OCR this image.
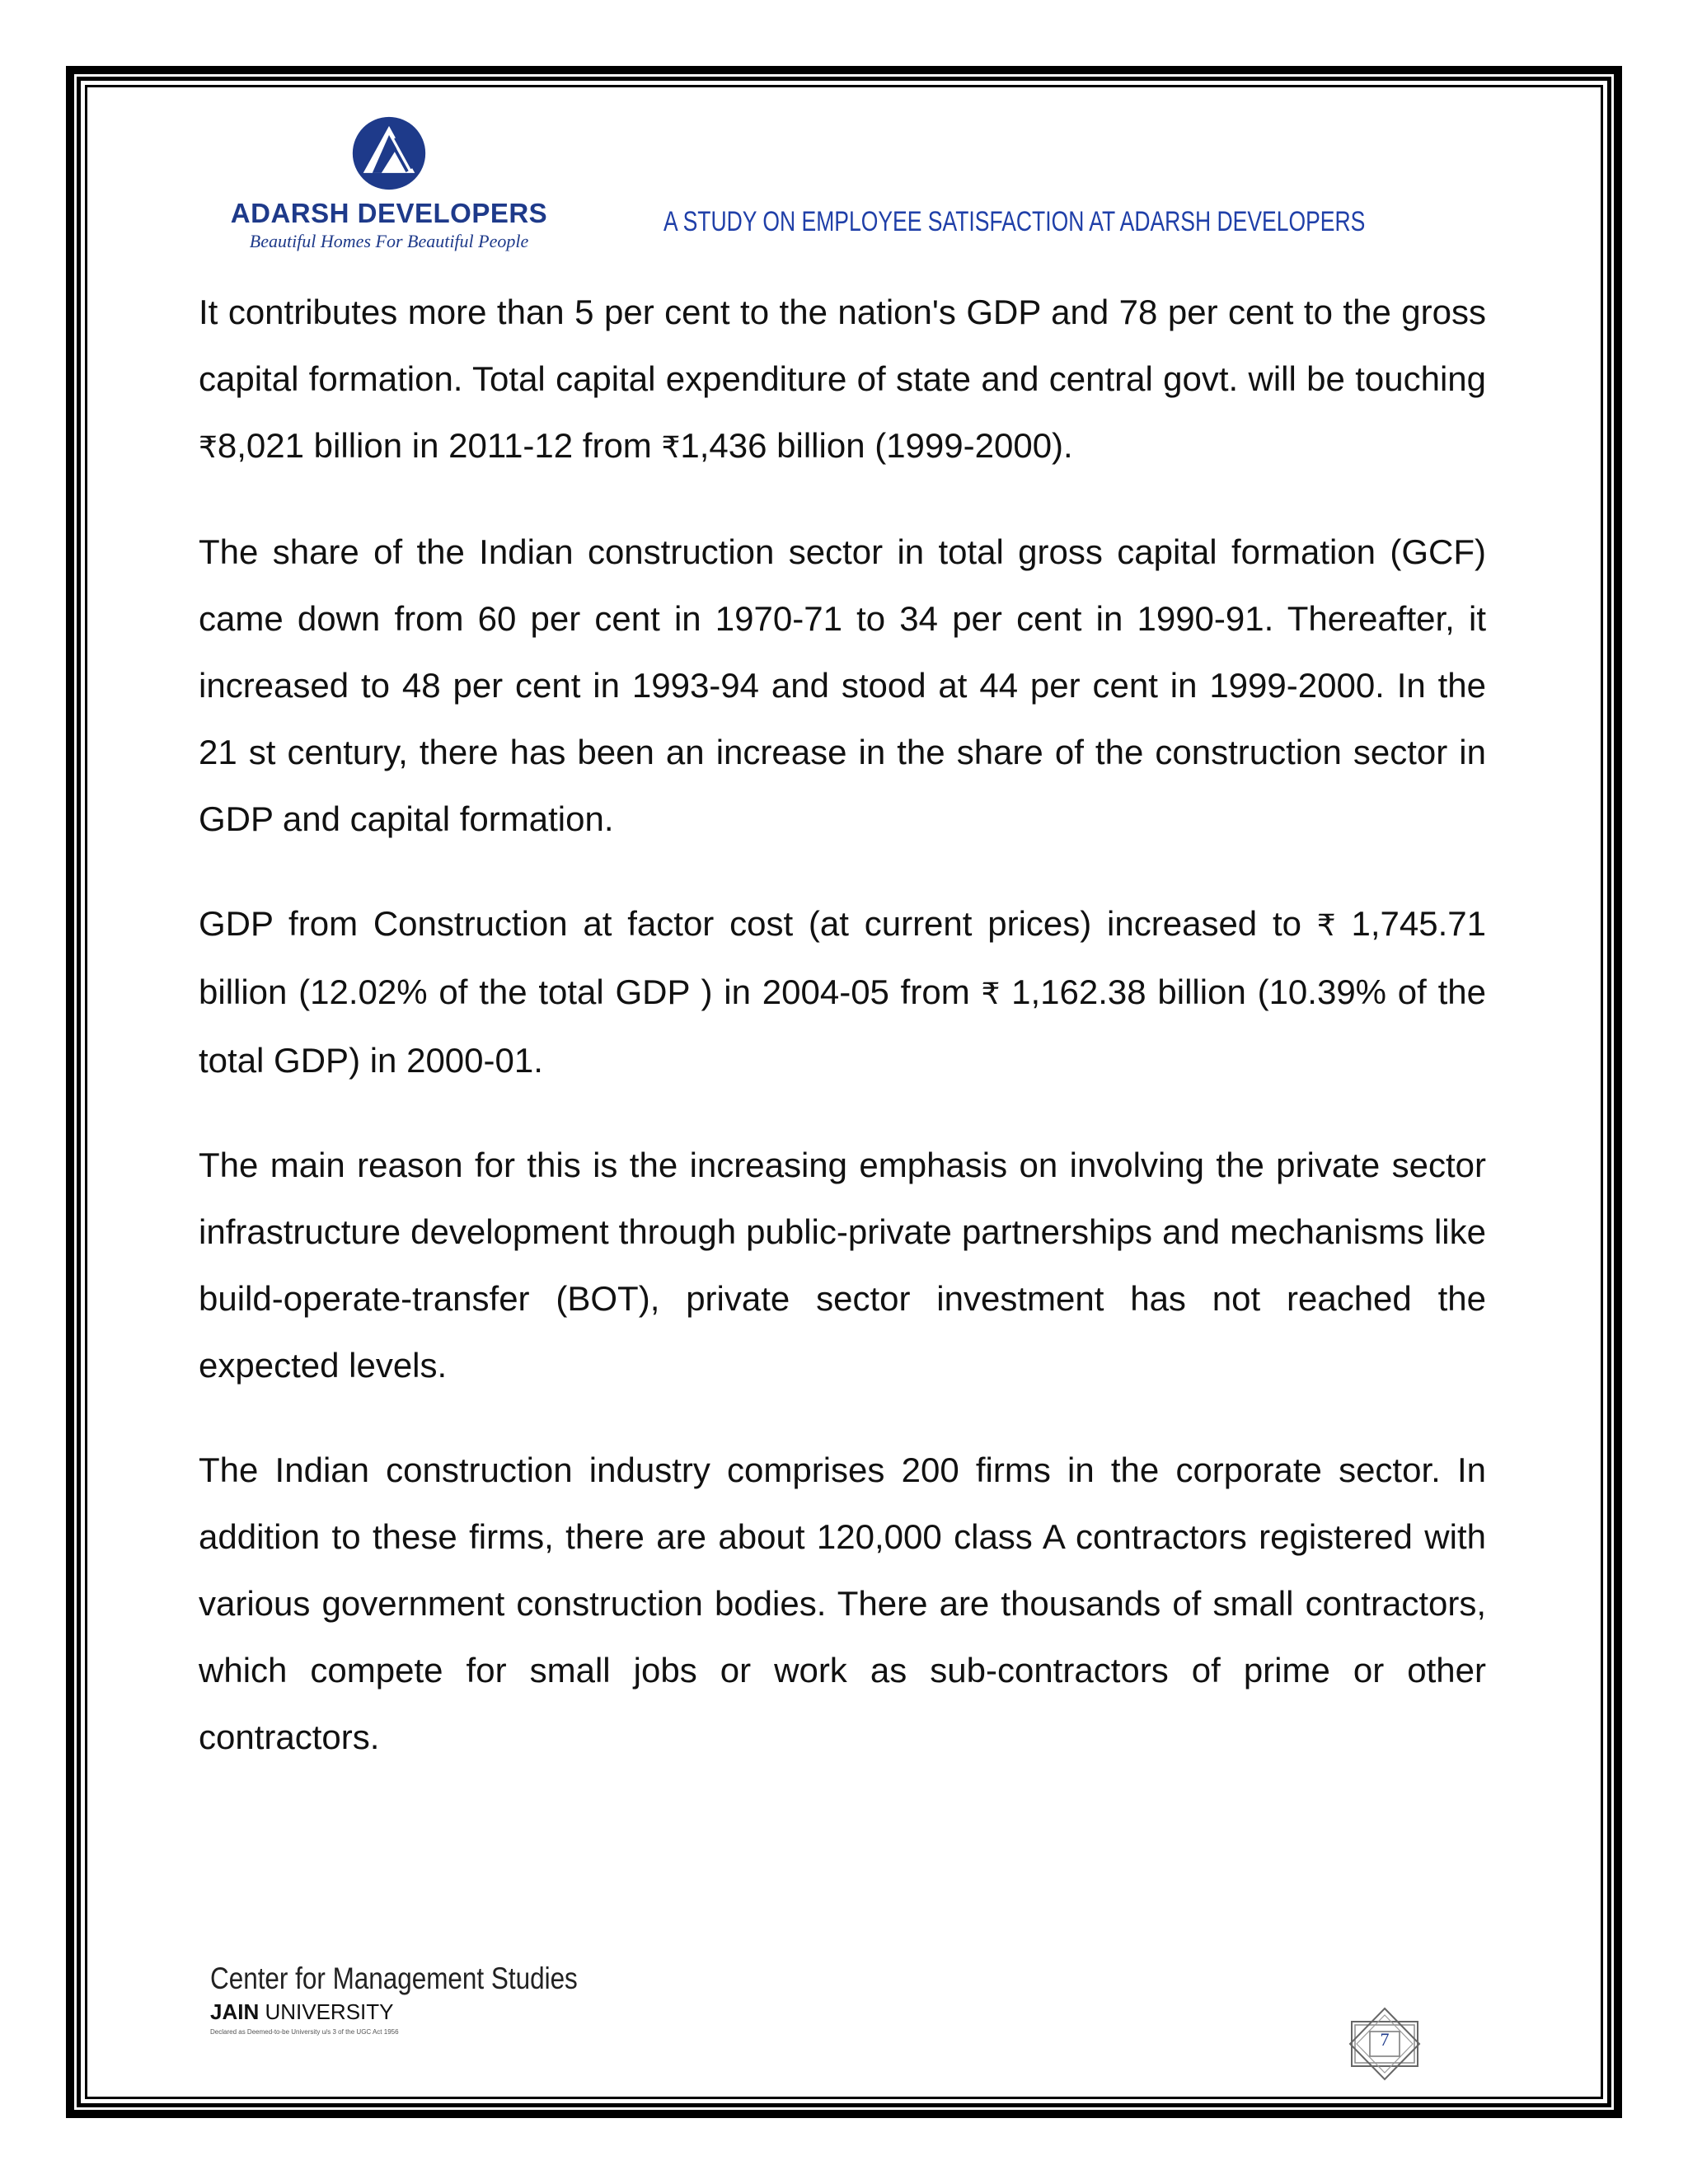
ADARSH DEVELOPERS
Beautiful Homes For Beautiful People
A STUDY ON EMPLOYEE SATISFACTION AT ADARSH DEVELOPERS

It contributes more than 5 per cent to the nation's GDP and 78 per cent to the gross capital formation. Total capital expenditure of state and central govt. will be touching ₹8,021 billion in 2011-12 from ₹1,436 billion (1999-2000).

The share of the Indian construction sector in total gross capital formation (GCF) came down from 60 per cent in 1970-71 to 34 per cent in 1990-91. Thereafter, it increased to 48 per cent in 1993-94 and stood at 44 per cent in 1999-2000. In the 21 st century, there has been an increase in the share of the construction sector in GDP and capital formation.

GDP from Construction at factor cost (at current prices) increased to ₹ 1,745.71 billion (12.02% of the total GDP ) in 2004-05 from ₹ 1,162.38 billion (10.39% of the total GDP) in 2000-01.

The main reason for this is the increasing emphasis on involving the private sector infrastructure development through public-private partnerships and mechanisms like build-operate-transfer (BOT), private sector investment has not reached the expected levels.

The Indian construction industry comprises 200 firms in the corporate sector. In addition to these firms, there are about 120,000 class A contractors registered with various government construction bodies. There are thousands of small contractors, which compete for small jobs or work as sub-contractors of prime or other contractors.

Center for Management Studies
JAIN UNIVERSITY
Declared as Deemed-to-be University u/s 3 of the UGC Act 1956	7
